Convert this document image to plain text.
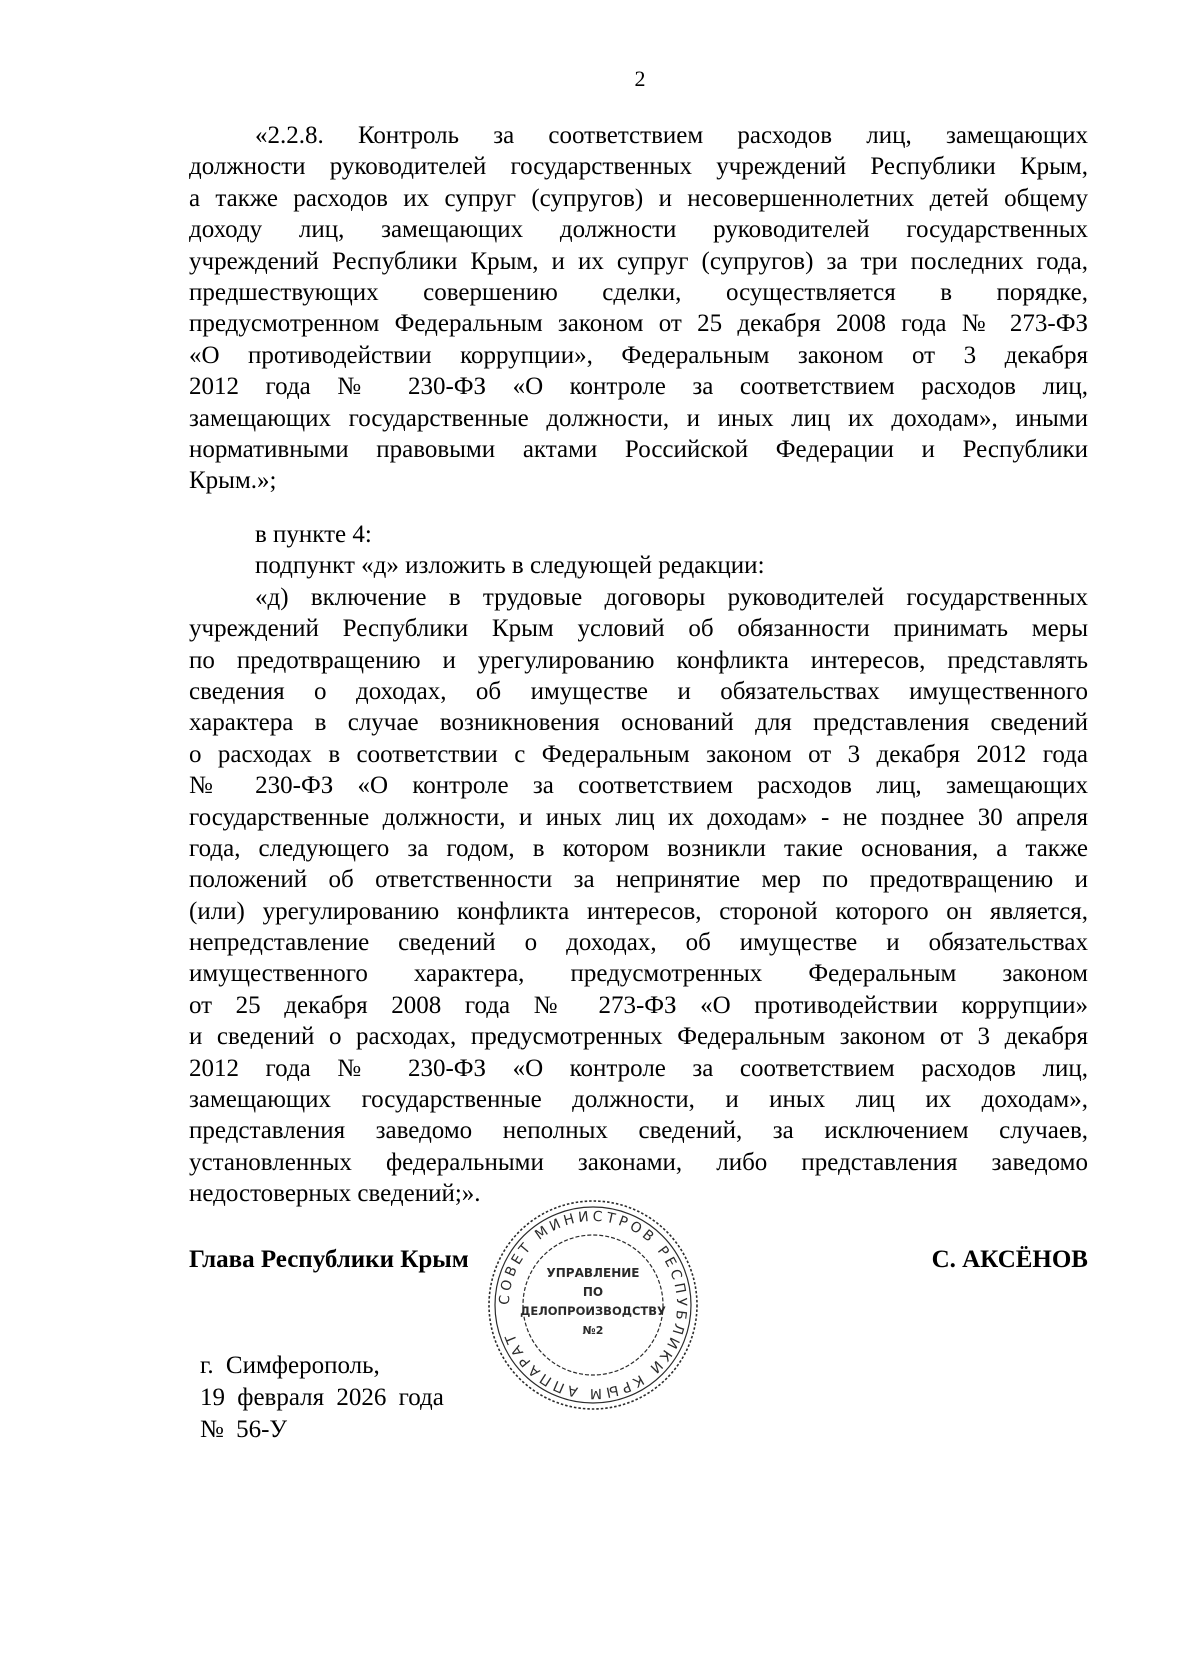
2
«2.2.8. Контроль за соответствием расходов лиц, замещающих
должности руководителей государственных учреждений Республики Крым,
а также расходов их супруг (супругов) и несовершеннолетних детей общему
доходу лиц, замещающих должности руководителей государственных
учреждений Республики Крым, и их супруг (супругов) за три последних года,
предшествующих совершению сделки, осуществляется в порядке,
предусмотренном Федеральным законом от 25 декабря 2008 года № 273-ФЗ
«О противодействии коррупции», Федеральным законом от 3 декабря
2012 года № 230-ФЗ «О контроле за соответствием расходов лиц,
замещающих государственные должности, и иных лиц их доходам», иными
нормативными правовыми актами Российской Федерации и Республики
Крым.»;
в пункте 4:
подпункт «д» изложить в следующей редакции:
«д) включение в трудовые договоры руководителей государственных
учреждений Республики Крым условий об обязанности принимать меры
по предотвращению и урегулированию конфликта интересов, представлять
сведения о доходах, об имуществе и обязательствах имущественного
характера в случае возникновения оснований для представления сведений
о расходах в соответствии с Федеральным законом от 3 декабря 2012 года
№ 230-ФЗ «О контроле за соответствием расходов лиц, замещающих
государственные должности, и иных лиц их доходам» - не позднее 30 апреля
года, следующего за годом, в котором возникли такие основания, а также
положений об ответственности за непринятие мер по предотвращению и
(или) урегулированию конфликта интересов, стороной которого он является,
непредставление сведений о доходах, об имуществе и обязательствах
имущественного характера, предусмотренных Федеральным законом
от 25 декабря 2008 года № 273-ФЗ «О противодействии коррупции»
и сведений о расходах, предусмотренных Федеральным законом от 3 декабря
2012 года № 230-ФЗ «О контроле за соответствием расходов лиц,
замещающих государственные должности, и иных лиц их доходам»,
представления заведомо неполных сведений, за исключением случаев,
установленных федеральными законами, либо представления заведомо
недостоверных сведений;».
Глава Республики Крым	С. АКСЁНОВ
г. Симферополь,
19 февраля 2026 года
№ 56-У
СОВЕТ МИНИСТРОВ РЕСПУБЛИКИ КРЫМ АППАРАТ
УПРАВЛЕНИЕ
ПО
ДЕЛОПРОИЗВОДСТВУ
№2
